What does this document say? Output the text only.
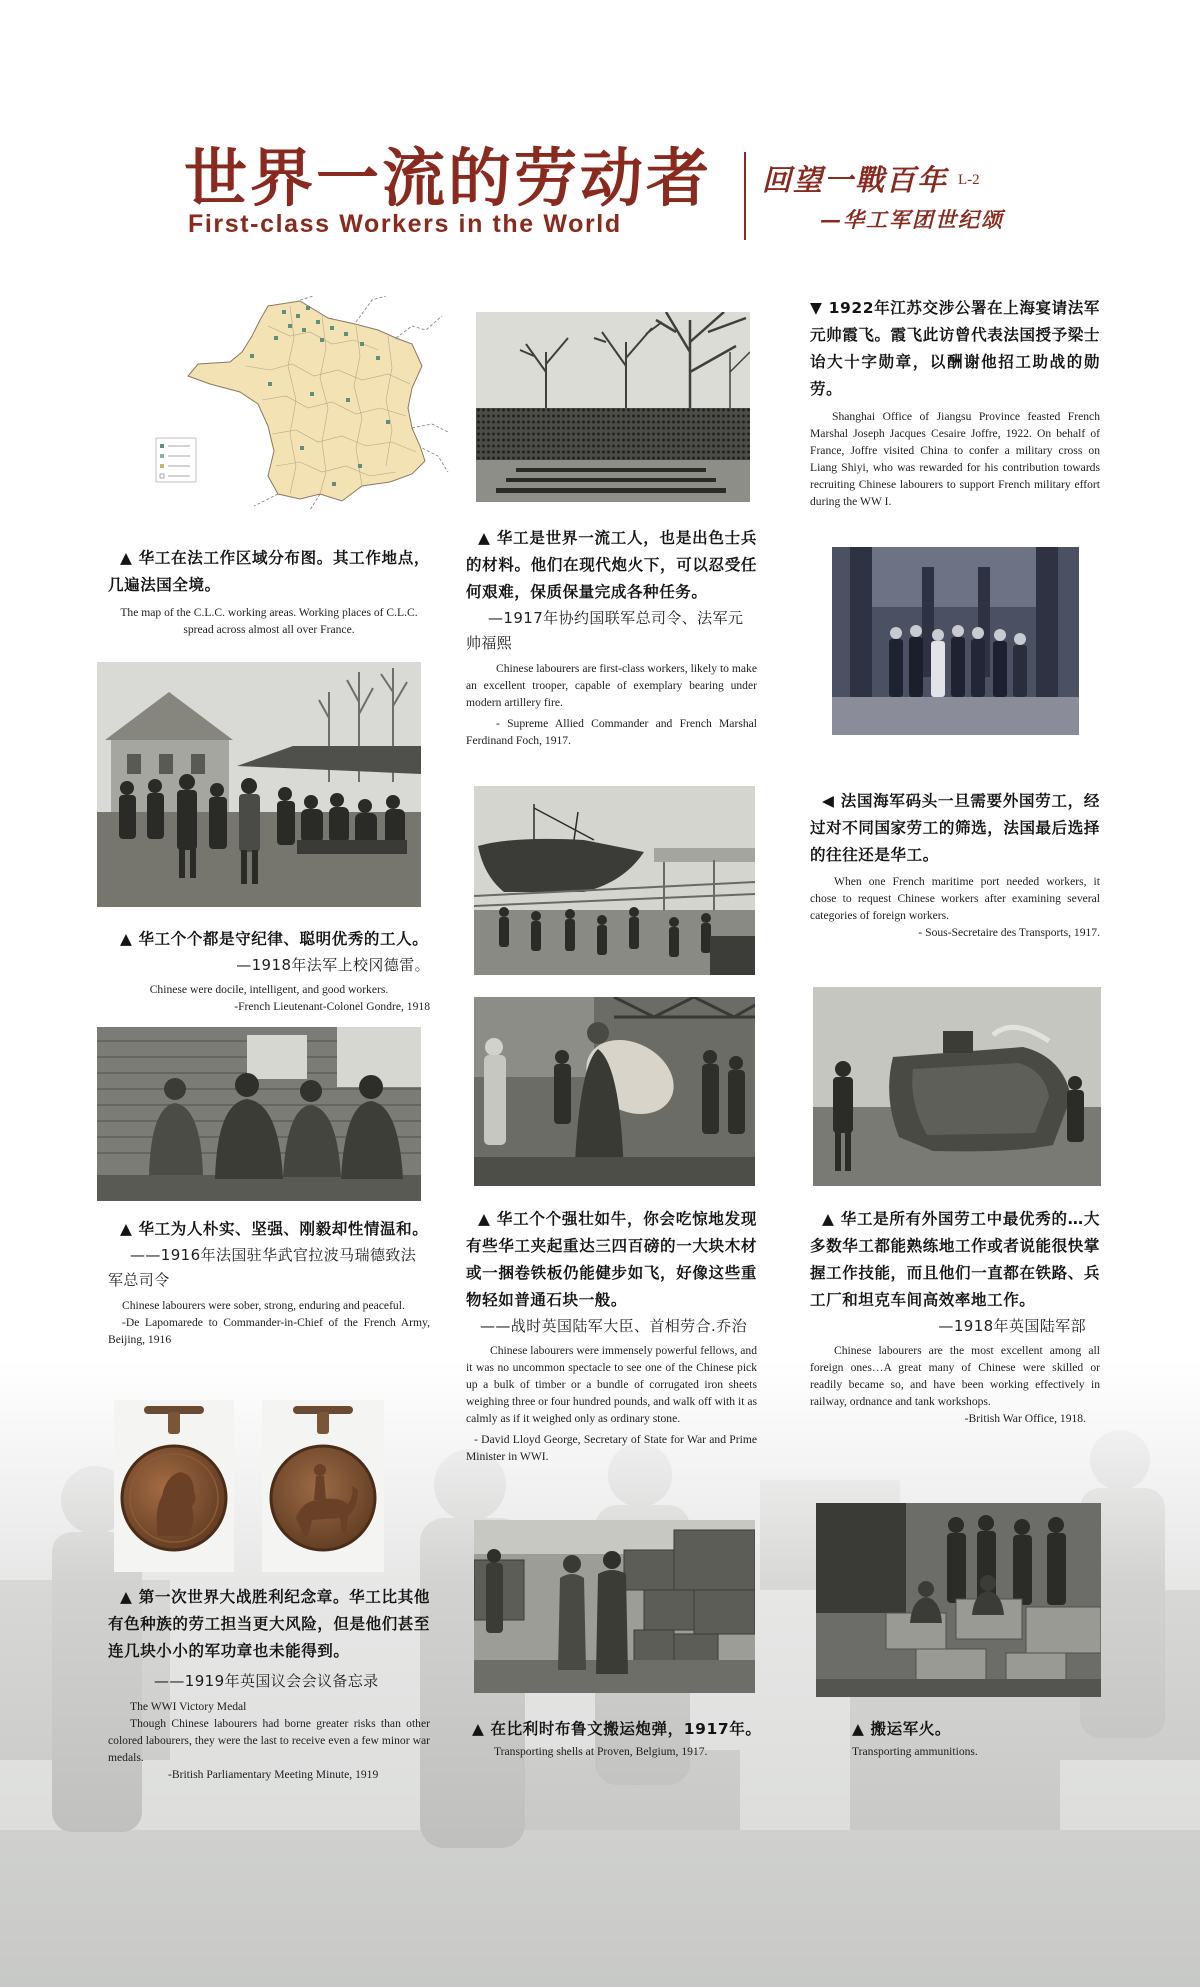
世界一流的劳动者
First-class Workers in the World
回望一戰百年 L-2
—华工军团世纪颂
▲ 华工在法工作区域分布图。其工作地点，几遍法国全境。
The map of the C.L.C. working areas. Working places of C.L.C. spread across almost all over France.
▲ 华工个个都是守纪律、聪明优秀的工人。
—1918年法军上校冈德雷。
Chinese were docile, intelligent, and good workers.
-French Lieutenant-Colonel Gondre, 1918
▲ 华工为人朴实、坚强、刚毅却性情温和。
——1916年法国驻华武官拉波马瑞德致法军总司令
Chinese labourers were sober, strong, enduring and peaceful.
-De Lapomarede to Commander-in-Chief of the French Army, Beijing, 1916
▲ 第一次世界大战胜利纪念章。华工比其他有色种族的劳工担当更大风险，但是他们甚至连几块小小的军功章也未能得到。
——1919年英国议会会议备忘录
The WWI Victory Medal
Though Chinese labourers had borne greater risks than other colored labourers, they were the last to receive even a few minor war medals.
-British Parliamentary Meeting Minute, 1919
▲ 华工是世界一流工人，也是出色士兵的材料。他们在现代炮火下，可以忍受任何艰难，保质保量完成各种任务。
—1917年协约国联军总司令、法军元帅福熙
Chinese labourers are first-class workers, likely to make an excellent trooper, capable of exemplary bearing under modern artillery fire.
- Supreme Allied Commander and French Marshal Ferdinand Foch, 1917.
▲ 华工个个强壮如牛，你会吃惊地发现有些华工夹起重达三四百磅的一大块木材或一捆卷铁板仍能健步如飞，好像这些重物轻如普通石块一般。
——战时英国陆军大臣、首相劳合.乔治
Chinese labourers were immensely powerful fellows, and it was no uncommon spectacle to see one of the Chinese pick up a bulk of timber or a bundle of corrugated iron sheets weighing three or four hundred pounds, and walk off with it as calmly as if it weighed only as ordinary stone.
- David Lloyd George, Secretary of State for War and Prime Minister in WWI.
▲ 在比利时布鲁文搬运炮弹，1917年。
Transporting shells at Proven, Belgium, 1917.
▼ 1922年江苏交涉公署在上海宴请法军元帅霞飞。霞飞此访曾代表法国授予梁士诒大十字勋章，以酬谢他招工助战的勋劳。
Shanghai Office of Jiangsu Province feasted French Marshal Joseph Jacques Cesaire Joffre, 1922. On behalf of France, Joffre visited China to confer a military cross on Liang Shiyi, who was rewarded for his contribution towards recruiting Chinese labourers to support French military effort during the WW I.
◀ 法国海军码头一旦需要外国劳工，经过对不同国家劳工的筛选，法国最后选择的往往还是华工。
When one French maritime port needed workers, it chose to request Chinese workers after examining several categories of foreign workers.
- Sous-Secretaire des Transports, 1917.
▲ 华工是所有外国劳工中最优秀的…大多数华工都能熟练地工作或者说能很快掌握工作技能，而且他们一直都在铁路、兵工厂和坦克车间高效率地工作。
—1918年英国陆军部
Chinese labourers are the most excellent among all foreign ones…A great many of Chinese were skilled or readily became so, and have been working effectively in railway, ordnance and tank workshops.
-British War Office, 1918.
▲ 搬运军火。
Transporting ammunitions.
